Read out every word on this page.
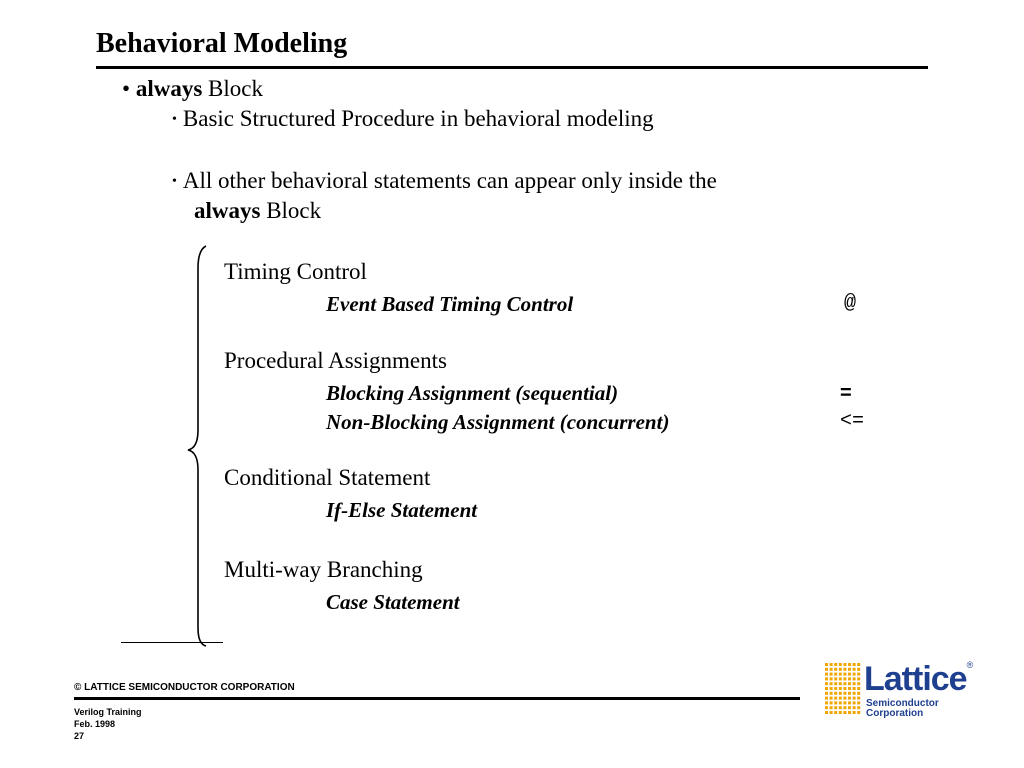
Behavioral Modeling
• always Block
• Basic Structured Procedure in behavioral modeling
• All other behavioral statements can appear only inside the
always Block
Timing Control
Event Based Timing Control	@
Procedural Assignments
Blocking Assignment (sequential)	=
Non-Blocking Assignment (concurrent)	<=
Conditional Statement
If-Else Statement
Multi-way Branching
Case Statement
© LATTICE SEMICONDUCTOR CORPORATION
Verilog Training
Feb. 1998
27
Lattice®
Semiconductor
Corporation
